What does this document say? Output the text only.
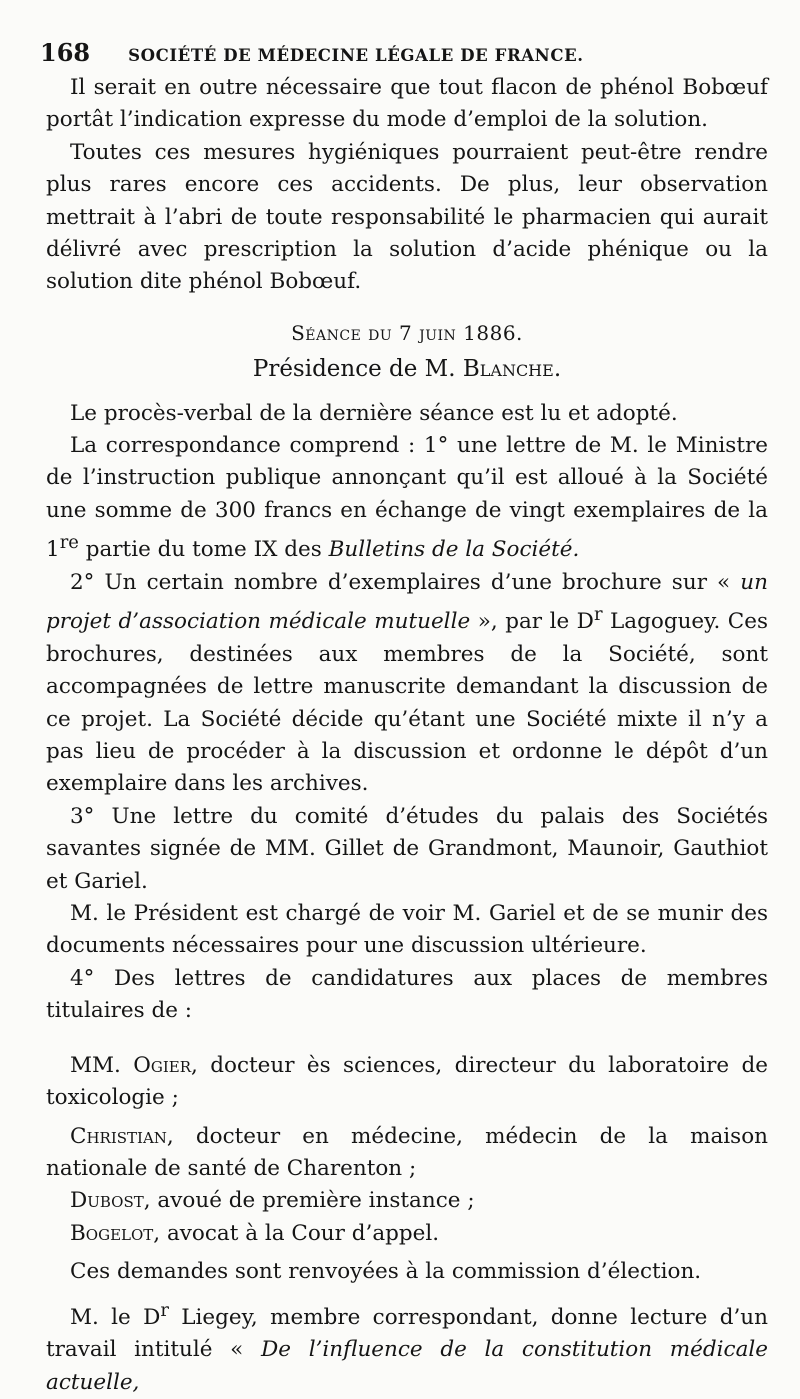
168 SOCIÉTÉ DE MÉDECINE LÉGALE DE FRANCE.

Il serait en outre nécessaire que tout flacon de phénol Bobœuf portât l’indication expresse du mode d’emploi de la solution.

Toutes ces mesures hygiéniques pourraient peut-être rendre plus rares encore ces accidents. De plus, leur observation mettrait à l’abri de toute responsabilité le pharmacien qui aurait délivré avec prescription la solution d’acide phénique ou la solution dite phénol Bobœuf.

Séance du 7 juin 1886.

Présidence de M. Blanche.

Le procès-verbal de la dernière séance est lu et adopté.

La correspondance comprend : 1° une lettre de M. le Ministre de l’instruction publique annonçant qu’il est alloué à la Société une somme de 300 francs en échange de vingt exemplaires de la 1re partie du tome IX des Bulletins de la Société.

2° Un certain nombre d’exemplaires d’une brochure sur « un projet d’association médicale mutuelle », par le $D^r$ Lagoguey. Ces brochures, destinées aux membres de la Société, sont accompagnées de lettre manuscrite demandant la discussion de ce projet. La Société décide qu’étant une Société mixte il n’y a pas lieu de procéder à la discussion et ordonne le dépôt d’un exemplaire dans les archives.

3° Une lettre du comité d’études du palais des Sociétés savantes signée de MM. Gillet de Grandmont, Maunoir, Gauthiot et Gariel.

M. le Président est chargé de voir M. Gariel et de se munir des documents nécessaires pour une discussion ultérieure.

4° Des lettres de candidatures aux places de membres titulaires de :

MM. Ogier, docteur ès sciences, directeur du laboratoire de toxicologie ;

Christian, docteur en médecine, médecin de la maison nationale de santé de Charenton ;

Dubost, avoué de première instance ;

Bogelot, avocat à la Cour d’appel.

Ces demandes sont renvoyées à la commission d’élection.

M. le $D^r$ Liegey, membre correspondant, donne lecture d’un travail intitulé « De l’influence de la constitution médicale actuelle,
